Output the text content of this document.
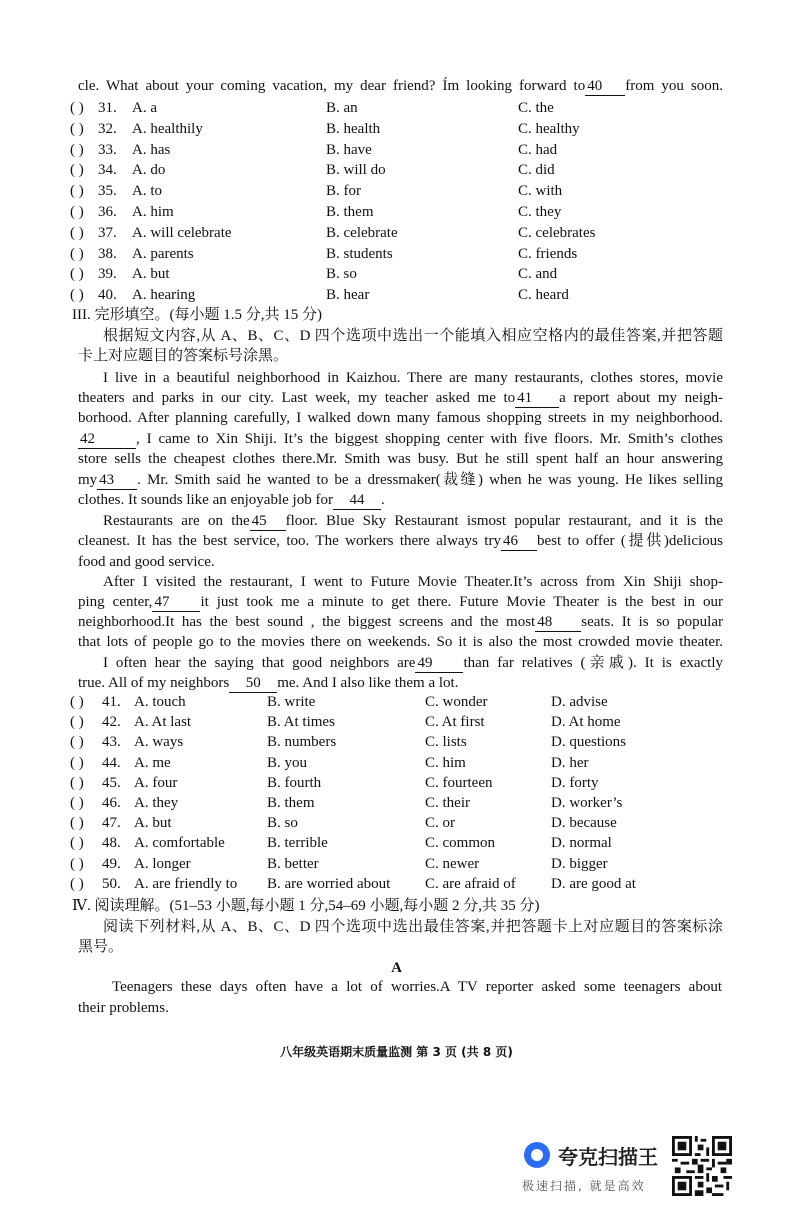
cle. What about your coming vacation, my dear friend? Ím looking forward to 40 from you soon.
( ) 31. A. a	B. an	C. the
( ) 32. A. healthily	B. health	C. healthy
( ) 33. A. has	B. have	C. had
( ) 34. A. do	B. will do	C. did
( ) 35. A. to	B. for	C. with
( ) 36. A. him	B. them	C. they
( ) 37. A. will celebrate	B. celebrate	C. celebrates
( ) 38. A. parents	B. students	C. friends
( ) 39. A. but	B. so	C. and
( ) 40. A. hearing	B. hear	C. heard
III. 完形填空。(每小题 1.5 分,共 15 分)
根据短文内容,从 A、B、C、D 四个选项中选出一个能填入相应空格内的最佳答案,并把答题
卡上对应题目的答案标号涂黑。
I live in a beautiful neighborhood in Kaizhou. There are many restaurants, clothes stores, movie
theaters and parks in our city. Last week, my teacher asked me to 41 a report about my neigh-
borhood. After planning carefully, I walked down many famous shopping streets in my neighborhood.
42	, I came to Xin Shiji. It’s the biggest shopping center with five floors. Mr. Smith’s clothes
store sells the cheapest clothes there.Mr. Smith was busy. But he still spent half an hour answering
my 43 . Mr. Smith said he wanted to be a dressmaker(裁缝) when he was young. He likes selling
clothes. It sounds like an enjoyable job for 44 .
Restaurants are on the 45 floor. Blue Sky Restaurant ismost popular restaurant, and it is the
cleanest. It has the best service, too. The workers there always try 46 best to offer (提供)delicious
food and good service.
After I visited the restaurant, I went to Future Movie Theater.It’s across from Xin Shiji shop-
ping center, 47 it just took me a minute to get there. Future Movie Theater is the best in our
neighborhood.It has the best sound , the biggest screens and the most 48 seats. It is so popular
that lots of people go to the movies there on weekends. So it is also the most crowded movie theater.
I often hear the saying that good neighbors are 49 than far relatives (亲戚). It is exactly
true. All of my neighbors 50 me. And I also like them a lot.
( ) 41. A. touch	B. write	C. wonder	D. advise
( ) 42. A. At last	B. At times	C. At first	D. At home
( ) 43. A. ways	B. numbers	C. lists	D. questions
( ) 44. A. me	B. you	C. him	D. her
( ) 45. A. four	B. fourth	C. fourteen	D. forty
( ) 46. A. they	B. them	C. their	D. worker’s
( ) 47. A. but	B. so	C. or	D. because
( ) 48. A. comfortable	B. terrible	C. common	D. normal
( ) 49. A. longer	B. better	C. newer	D. bigger
( ) 50. A. are friendly to B. are worried about C. are afraid of D. are good at
Ⅳ. 阅读理解。(51–53 小题,每小题 1 分,54–69 小题,每小题 2 分,共 35 分)
阅读下列材料,从 A、B、C、D 四个选项中选出最佳答案,并把答题卡上对应题目的答案标涂
黑号。
A
Teenagers these days often have a lot of worries.A TV reporter asked some teenagers about
their problems.
八年级英语期末质量监测 第 3 页 (共 8 页)
夸克扫描王
极速扫描, 就是高效
